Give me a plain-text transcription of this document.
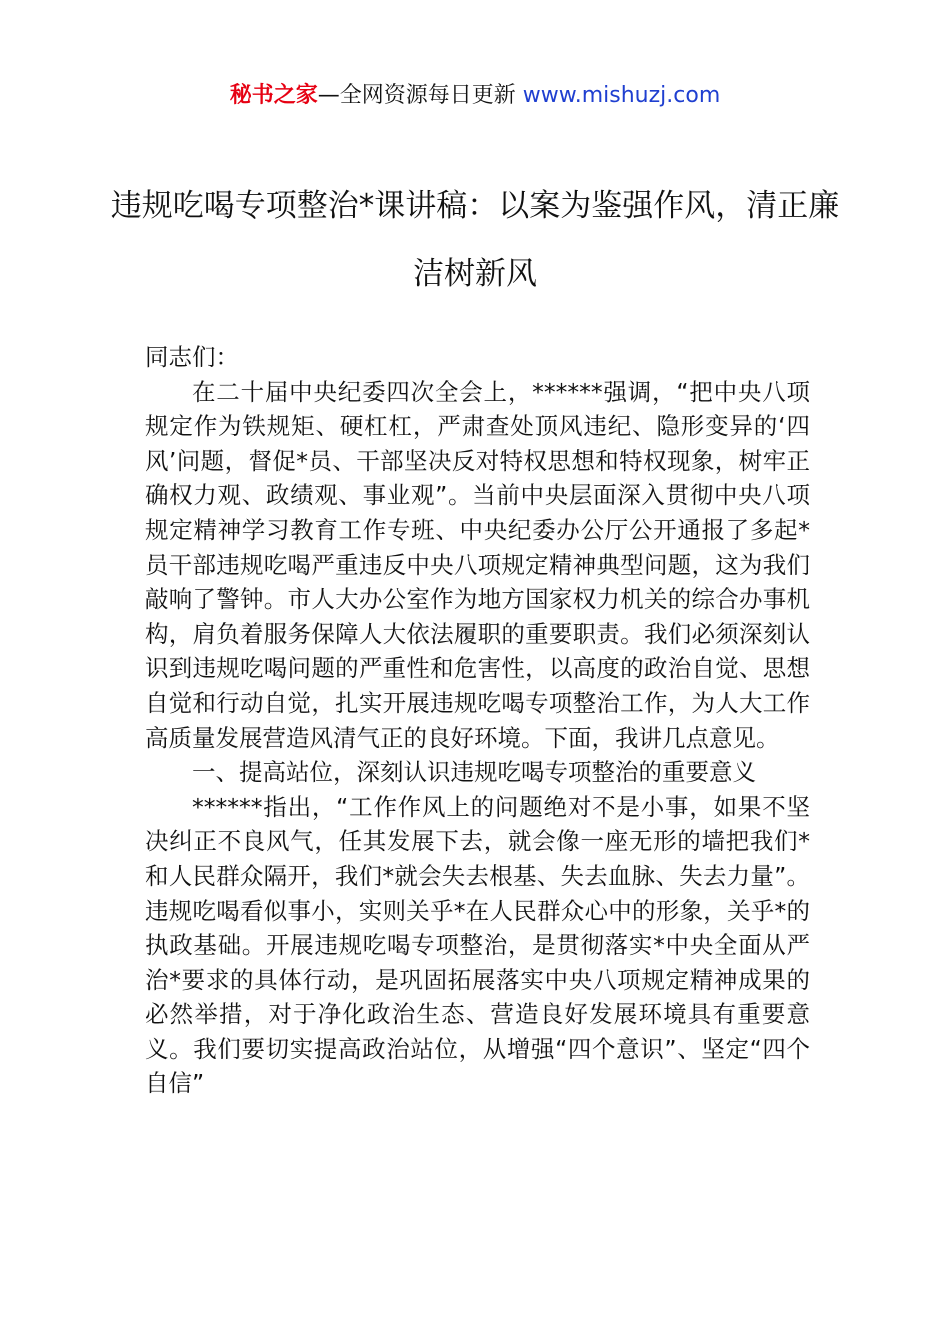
秘书之家—全网资源每日更新 www.mishuzj.com
违规吃喝专项整治*课讲稿：以案为鉴强作风，清正廉洁树新风

同志们：

在二十届中央纪委四次全会上，******强调，“把中央八项规定作为铁规矩、硬杠杠，严肃查处顶风违纪、隐形变异的‘四风’问题，督促*员、干部坚决反对特权思想和特权现象，树牢正确权力观、政绩观、事业观”。当前中央层面深入贯彻中央八项规定精神学习教育工作专班、中央纪委办公厅公开通报了多起*员干部违规吃喝严重违反中央八项规定精神典型问题，这为我们敲响了警钟。市人大办公室作为地方国家权力机关的综合办事机构，肩负着服务保障人大依法履职的重要职责。我们必须深刻认识到违规吃喝问题的严重性和危害性，以高度的政治自觉、思想自觉和行动自觉，扎实开展违规吃喝专项整治工作，为人大工作高质量发展营造风清气正的良好环境。下面，我讲几点意见。

一、提高站位，深刻认识违规吃喝专项整治的重要意义

******指出，“工作作风上的问题绝对不是小事，如果不坚决纠正不良风气，任其发展下去，就会像一座无形的墙把我们*和人民群众隔开，我们*就会失去根基、失去血脉、失去力量”。违规吃喝看似事小，实则关乎*在人民群众心中的形象，关乎*的执政基础。开展违规吃喝专项整治，是贯彻落实*中央全面从严治*要求的具体行动，是巩固拓展落实中央八项规定精神成果的必然举措，对于净化政治生态、营造良好发展环境具有重要意义。我们要切实提高政治站位，从增强“四个意识”、坚定“四个自信”
